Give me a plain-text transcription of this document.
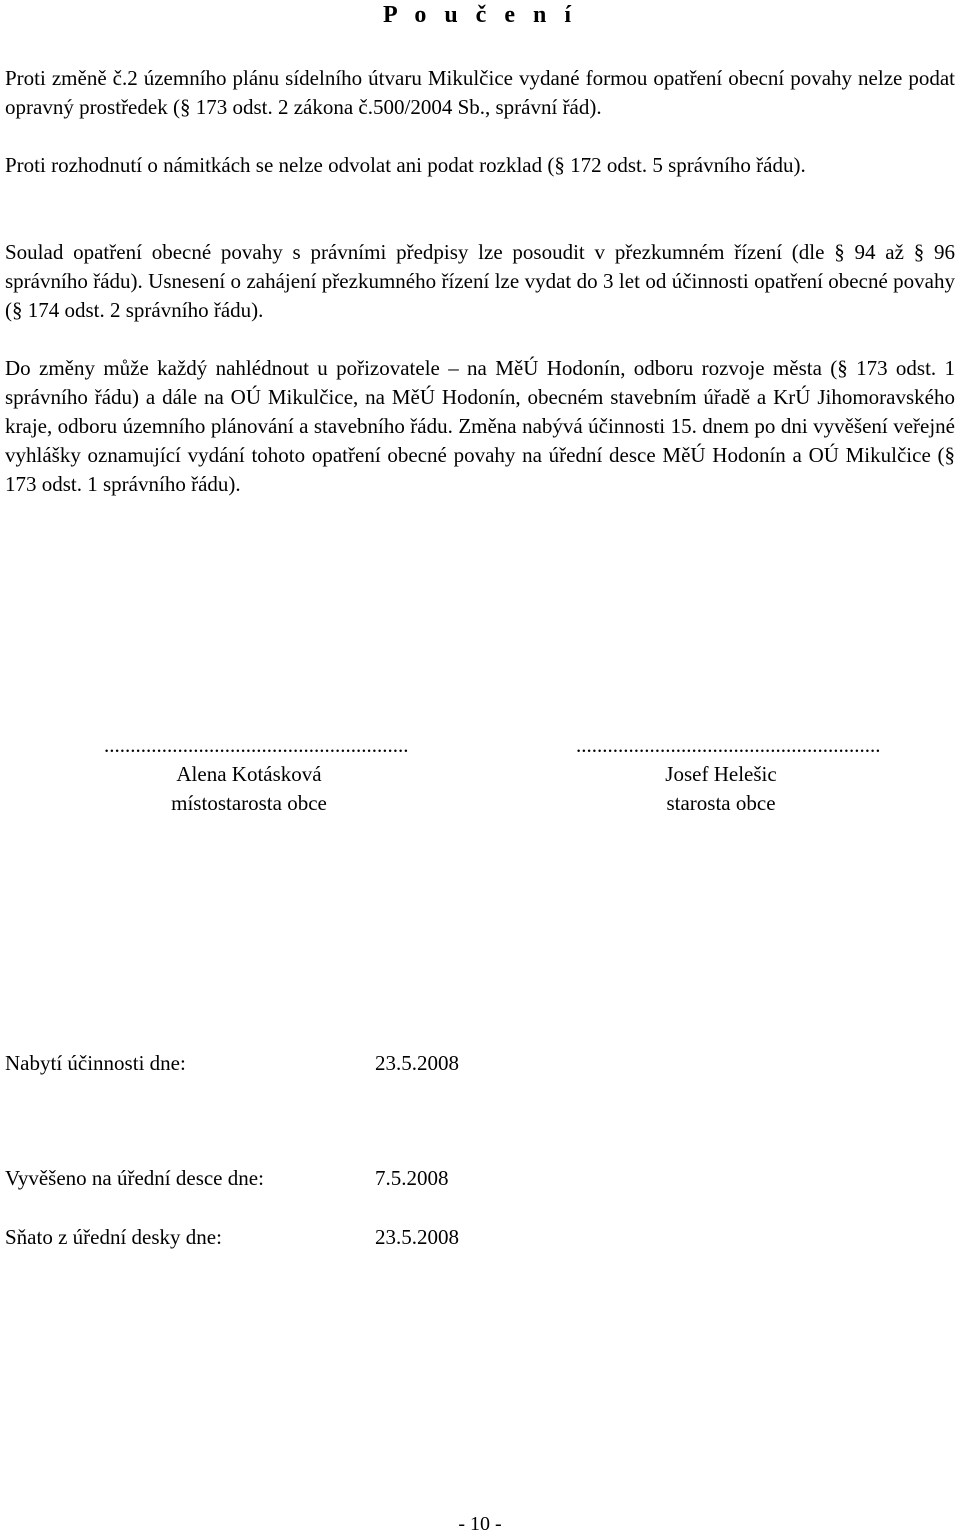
P o u č e n í

Proti změně č.2 územního plánu sídelního útvaru Mikulčice vydané formou opatření obecní povahy nelze podat opravný prostředek (§ 173 odst. 2 zákona č.500/2004 Sb., správní řád).

Proti rozhodnutí o námitkách se nelze odvolat ani podat rozklad (§ 172 odst. 5 správního řádu).

Soulad opatření obecné povahy s právními předpisy lze posoudit v přezkumném řízení (dle § 94 až § 96 správního řádu). Usnesení o zahájení přezkumného řízení lze vydat do 3 let od účinnosti opatření obecné povahy (§ 174 odst. 2 správního řádu).

Do změny může každý nahlédnout u pořizovatele – na MěÚ Hodonín, odboru rozvoje města (§ 173 odst. 1 správního řádu) a dále na OÚ Mikulčice, na MěÚ Hodonín, obecném stavebním úřadě a KrÚ Jihomoravského kraje, odboru územního plánování a stavebního řádu. Změna nabývá účinnosti 15. dnem po dni vyvěšení veřejné vyhlášky oznamující vydání tohoto opatření obecné povahy na úřední desce MěÚ Hodonín a OÚ Mikulčice (§ 173 odst. 1 správního řádu).

..........................................................
Alena Kotásková
místostarosta obce
..........................................................
Josef Helešic
starosta obce
Nabytí účinnosti dne:	23.5.2008
Vyvěšeno na úřední desce dne:	7.5.2008
Sňato z úřední desky dne:	23.5.2008
- 10 -
